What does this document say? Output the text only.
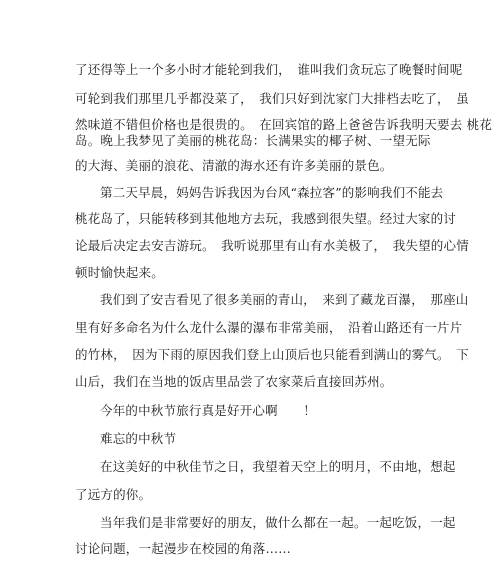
了还得等上一个多小时才能轮到我们，　谁叫我们贪玩忘了晚餐时间呢
可轮到我们那里几乎都没菜了，　我们只好到沈家门大排档去吃了，　虽
然味道不错但价格也是很贵的。　在回宾馆的路上爸爸告诉我明天要去 桃花
岛。晚上我梦见了美丽的桃花岛：长满果实的椰子树、一望无际
的大海、美丽的浪花、清澈的海水还有许多美丽的景色。
第二天早晨，妈妈告诉我因为台风“森拉客”的影响我们不能去
桃花岛了，只能转移到其他地方去玩，我感到很失望。经过大家的讨
论最后决定去安吉游玩。　我听说那里有山有水美极了，　我失望的心情
顿时愉快起来。
我们到了安吉看见了很多美丽的青山，　来到了藏龙百瀑，　那座山
里有好多命名为什么龙什么瀑的瀑布非常美丽，　沿着山路还有一片片
的竹林，　因为下雨的原因我们登上山顶后也只能看到满山的雾气。　下
山后，我们在当地的饭店里品尝了农家菜后直接回苏州。
今年的中秋节旅行真是好开心啊　　！
难忘的中秋节
在这美好的中秋佳节之日，我望着天空上的明月，不由地，想起
了远方的你。
当年我们是非常要好的朋友，做什么都在一起。一起吃饭，一起
讨论问题，一起漫步在校园的角落……
